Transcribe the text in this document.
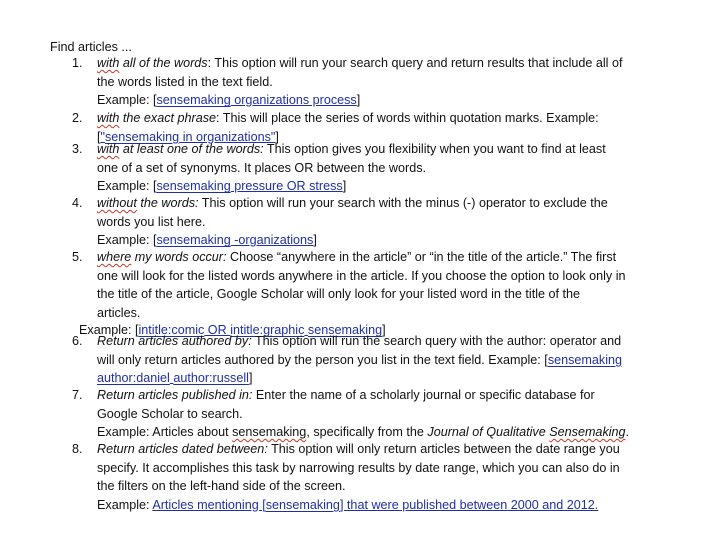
Find articles ...
1.	with all of the words: This option will run your search query and return results that include all of
the words listed in the text field.
Example: [sensemaking organizations process]
2.	with the exact phrase: This will place the series of words within quotation marks. Example:
["sensemaking in organizations"]
3.	with at least one of the words: This option gives you flexibility when you want to find at least
one of a set of synonyms. It places OR between the words.
Example: [sensemaking pressure OR stress]
4.	without the words: This option will run your search with the minus (-) operator to exclude the
words you list here.
Example: [sensemaking -organizations]
5.	where my words occur: Choose “anywhere in the article” or “in the title of the article.” The first
one will look for the listed words anywhere in the article. If you choose the option to look only in
the title of the article, Google Scholar will only look for your listed word in the title of the
articles.
Example: [intitle:comic OR intitle:graphic sensemaking]
6.	Return articles authored by: This option will run the search query with the author: operator and
will only return articles authored by the person you list in the text field. Example: [sensemaking
author:daniel author:russell]
7.	Return articles published in: Enter the name of a scholarly journal or specific database for
Google Scholar to search.
Example: Articles about sensemaking, specifically from the Journal of Qualitative Sensemaking.
8.	Return articles dated between: This option will only return articles between the date range you
specify. It accomplishes this task by narrowing results by date range, which you can also do in
the filters on the left-hand side of the screen.
Example: Articles mentioning [sensemaking] that were published between 2000 and 2012.
